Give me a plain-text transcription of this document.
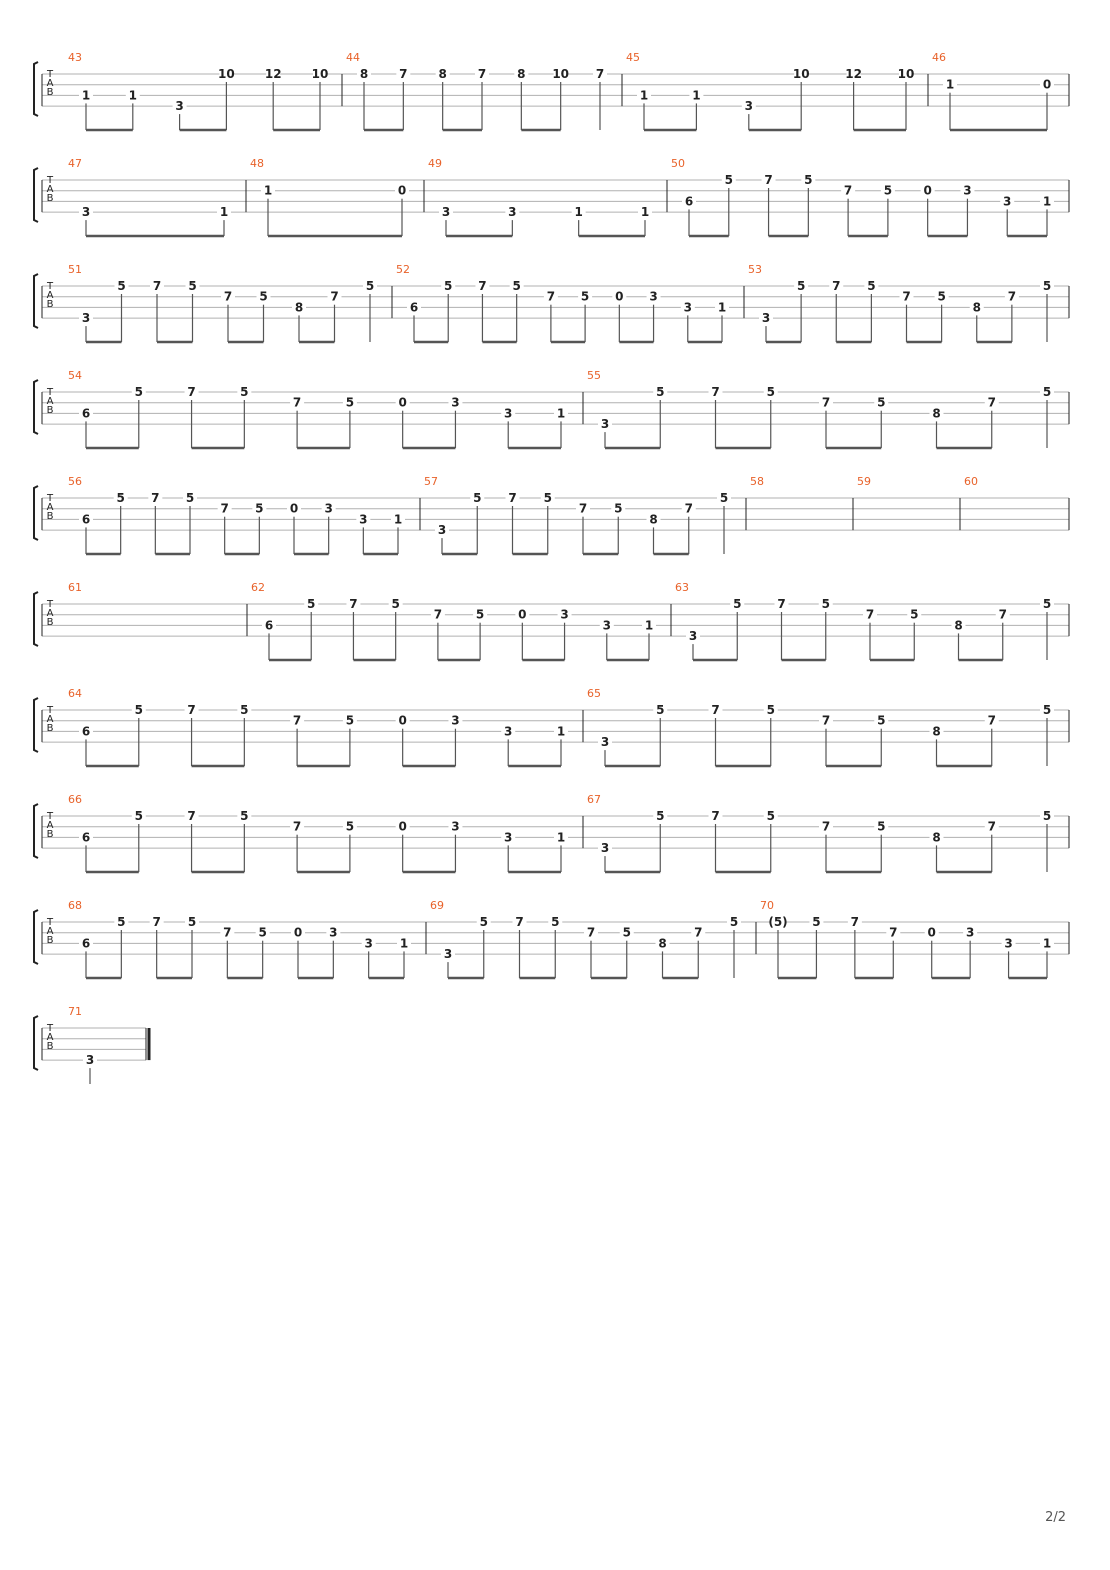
T
A
B
43
1	1
3
10	12	10
44
8	7	8	7	8 10 7
45
1	1
3
10	12	10
46
1	0
T
A
B
47
3	1
48
1	0
49
3	3	1	1
50
6
5	7	5
7	5	0	3
3	1
T
A
B
51
3
5 7 5
7 5
8
7
5
52
6
5 7 5
7 5 0 3
3 1
53
3
5 7 5
7 5
8
7
5
T
A
B
54
6
5	7	5
7	5	0	3
3	1
55
3
5	7	5
7	5
8
7
5
T
A
B
56
6
5 7 5
7 5 0 3
3 1
57
3
5 7 5
7 5
8
7
5
58	59	60
T
A
B
61	62
6
5	7	5
7	5	0	3
3	1
63
3
5	7	5
7	5
8
7
5
T
A
B
64
6
5	7	5
7	5	0	3
3	1
65
3
5	7	5
7	5
8
7
5
T
A
B
66
6
5	7	5
7	5	0	3
3	1
67
3
5	7	5
7	5
8
7
5
T
A
B
68
6
5 7 5
7 5 0 3
3 1
69
3
5 7 5
7 5
8
7
5
70
(5) 5	7
7	0	3
3	1
T
A
B
71
3
2/2
